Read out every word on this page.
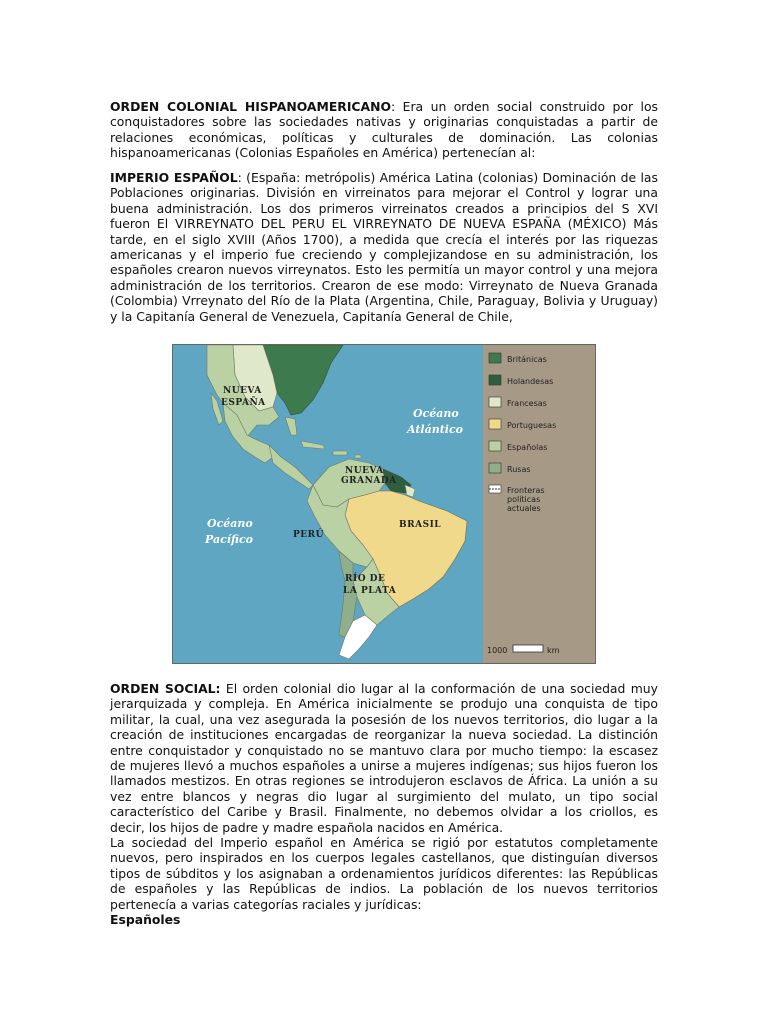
ORDEN COLONIAL HISPANOAMERICANO: Era un orden social construido por los conquistadores sobre las sociedades nativas y originarias conquistadas a partir de relaciones económicas, políticas y culturales de dominación. Las colonias hispanoamericanas (Colonias Españoles en América) pertenecían al:

IMPERIO ESPAÑOL: (España: metrópolis) América Latina (colonias) Dominación de las Poblaciones originarias. División en virreinatos para mejorar el Control y lograr una buena administración. Los dos primeros virreinatos creados a principios del S XVI fueron El VIRREYNATO DEL PERU EL VIRREYNATO DE NUEVA ESPAÑA (MÉXICO) Más tarde, en el siglo XVIII (Años 1700), a medida que crecía el interés por las riquezas americanas y el imperio fue creciendo y complejizandose en su administración, los españoles crearon nuevos virreynatos. Esto les permitía un mayor control y una mejora administración de los territorios. Crearon de ese modo: Virreynato de Nueva Granada (Colombia) Vrreynato del Río de la Plata (Argentina, Chile, Paraguay, Bolivia y Uruguay) y la Capitanía General de Venezuela, Capitanía General de Chile,

NUEVA
ESPAÑA
NUEVA
GRANADA
PERÚ
BRASIL
RÍO DE
LA PLATA
Océano
Atlántico
Océano
Pacífico
Británicas
Holandesas
Francesas
Portuguesas
Españolas
Rusas
Fronteras
políticas
actuales
1000	km

ORDEN SOCIAL: El orden colonial dio lugar al la conformación de una sociedad muy jerarquizada y compleja. En América inicialmente se produjo una conquista de tipo militar, la cual, una vez asegurada la posesión de los nuevos territorios, dio lugar a la creación de instituciones encargadas de reorganizar la nueva sociedad. La distinción entre conquistador y conquistado no se mantuvo clara por mucho tiempo: la escasez de mujeres llevó a muchos españoles a unirse a mujeres indígenas; sus hijos fueron los llamados mestizos. En otras regiones se introdujeron esclavos de África. La unión a su vez entre blancos y negras dio lugar al surgimiento del mulato, un tipo social característico del Caribe y Brasil. Finalmente, no debemos olvidar a los criollos, es decir, los hijos de padre y madre española nacidos en América.

La sociedad del Imperio español en América se rigió por estatutos completamente nuevos, pero inspirados en los cuerpos legales castellanos, que distinguían diversos tipos de súbditos y los asignaban a ordenamientos jurídicos diferentes: las Repúblicas de españoles y las Repúblicas de indios. La población de los nuevos territorios pertenecía a varias categorías raciales y jurídicas:

Españoles
